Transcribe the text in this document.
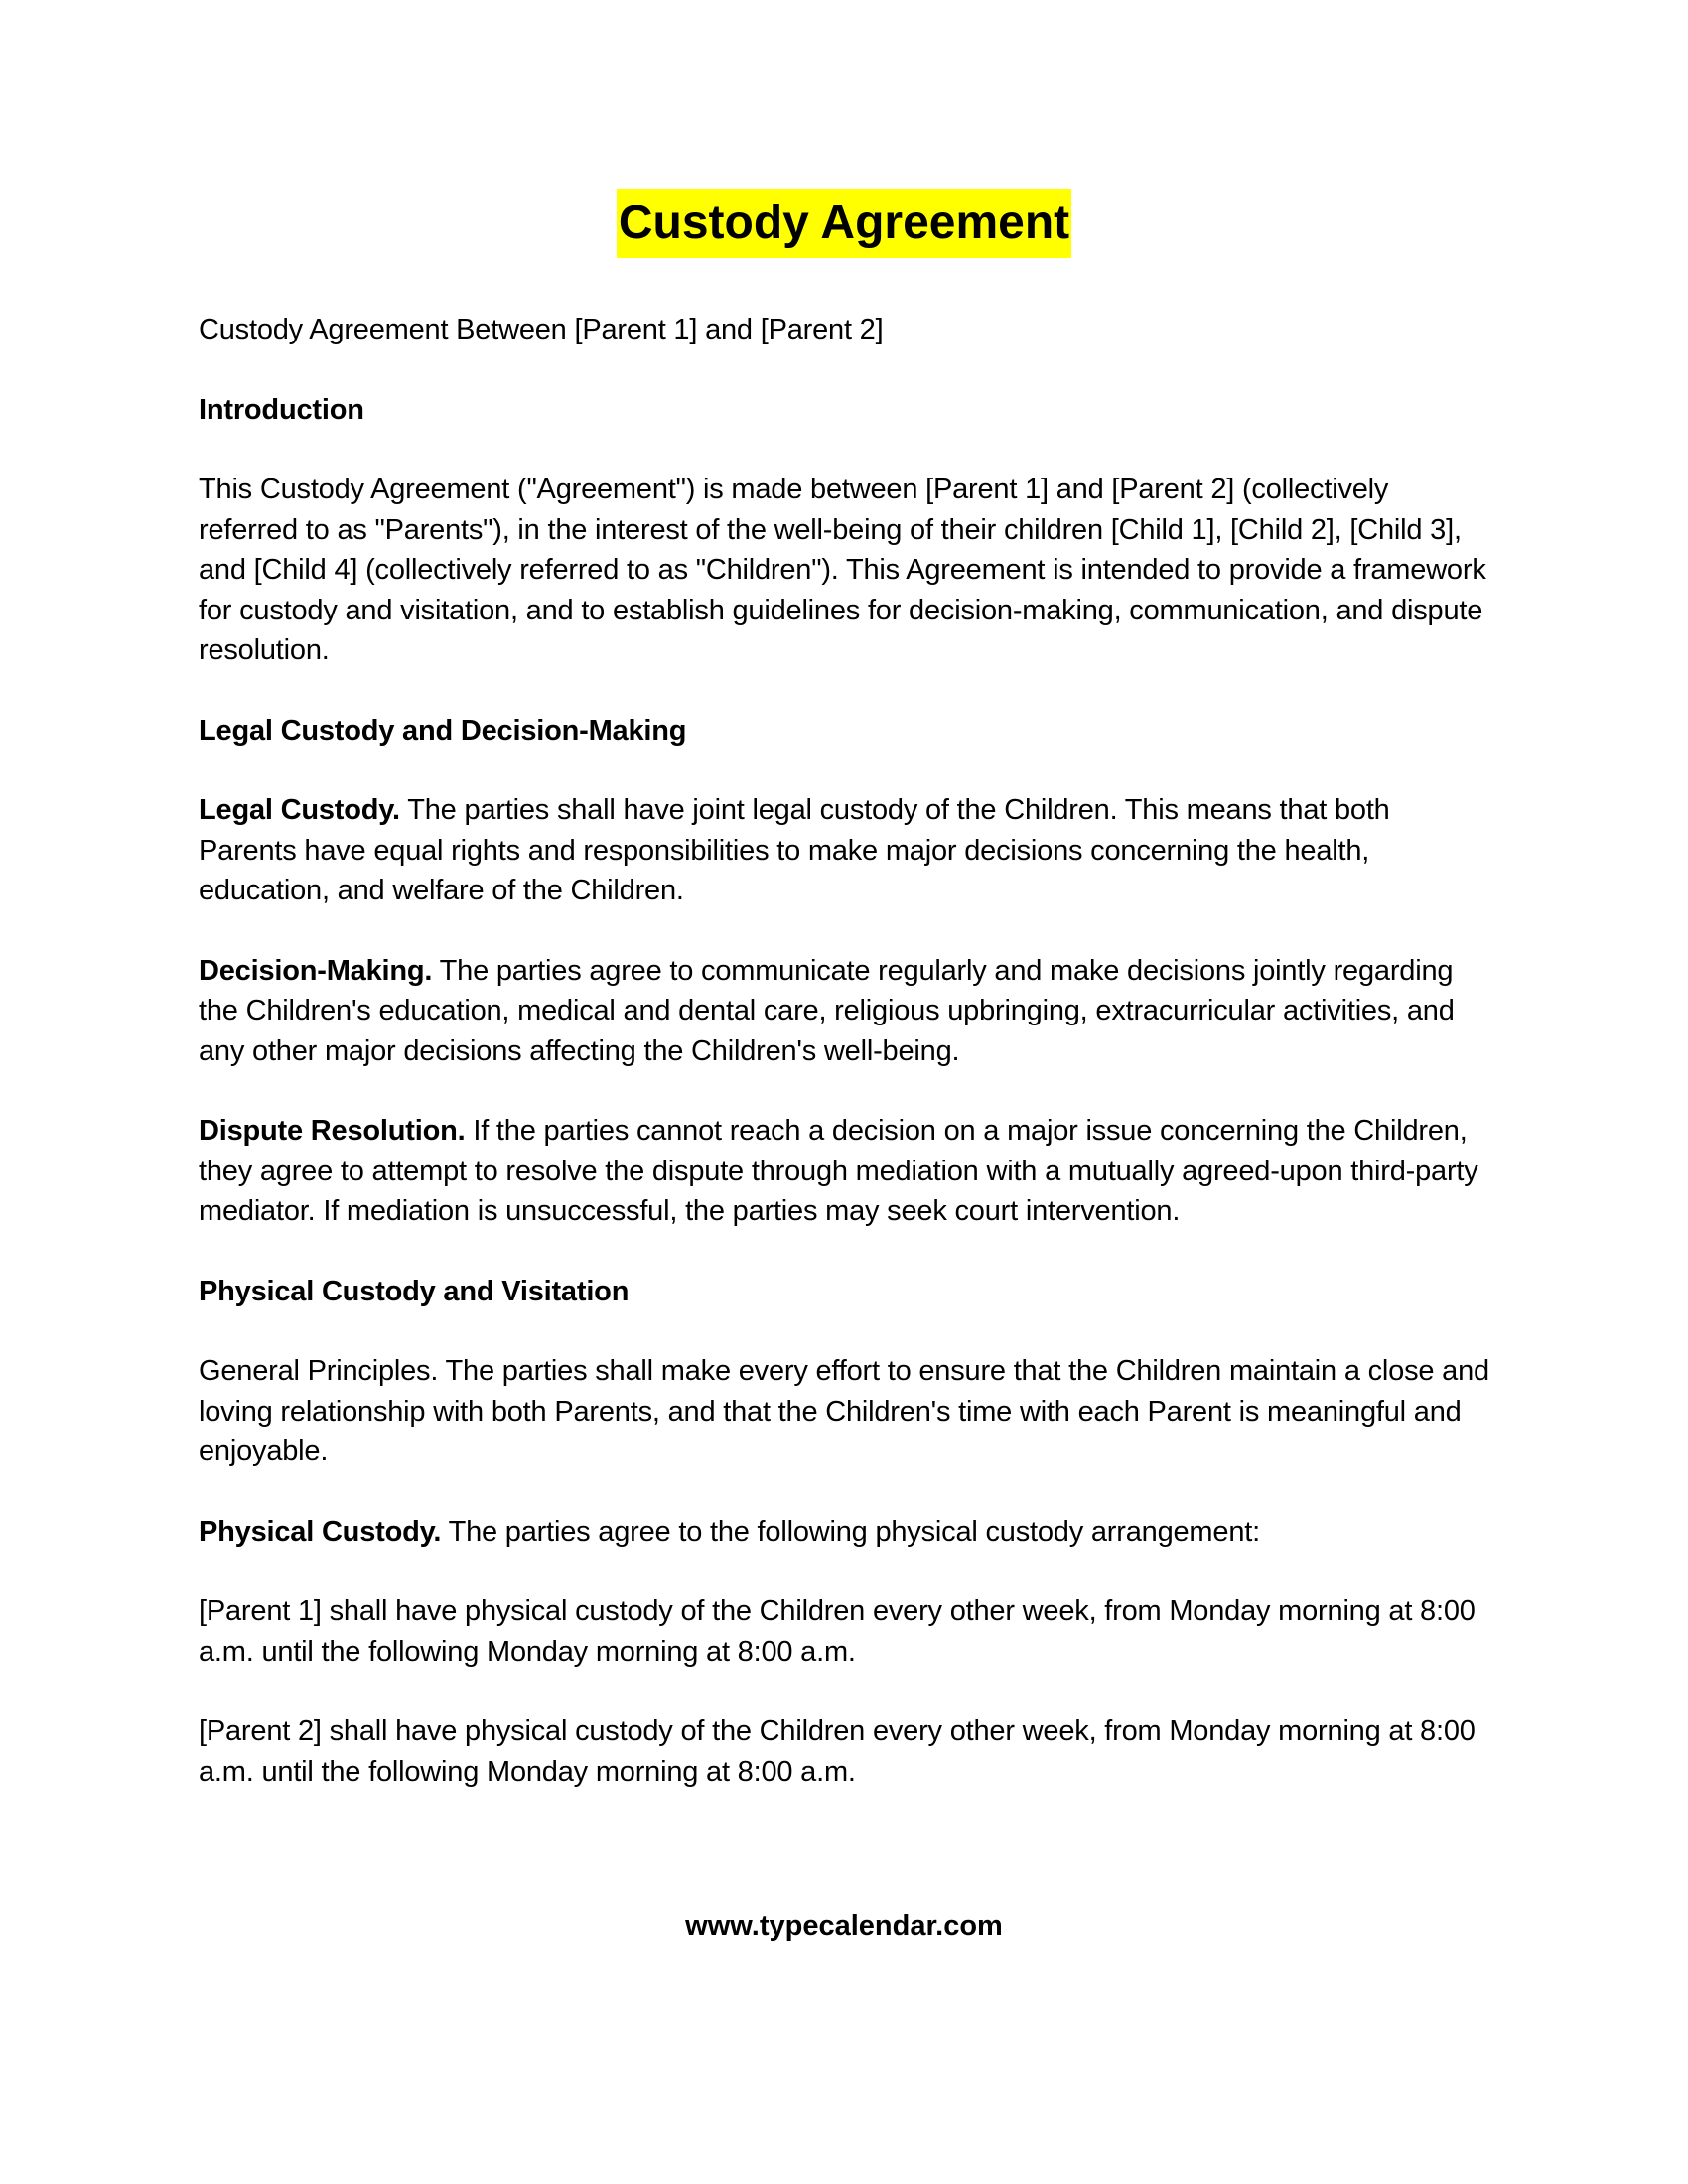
Custody Agreement

Custody Agreement Between [Parent 1] and [Parent 2]

Introduction

This Custody Agreement ("Agreement") is made between [Parent 1] and [Parent 2] (collectively referred to as "Parents"), in the interest of the well-being of their children [Child 1], [Child 2], [Child 3], and [Child 4] (collectively referred to as "Children"). This Agreement is intended to provide a framework for custody and visitation, and to establish guidelines for decision-making, communication, and dispute resolution.

Legal Custody and Decision-Making

Legal Custody. The parties shall have joint legal custody of the Children. This means that both Parents have equal rights and responsibilities to make major decisions concerning the health, education, and welfare of the Children.

Decision-Making. The parties agree to communicate regularly and make decisions jointly regarding the Children's education, medical and dental care, religious upbringing, extracurricular activities, and any other major decisions affecting the Children's well-being.

Dispute Resolution. If the parties cannot reach a decision on a major issue concerning the Children, they agree to attempt to resolve the dispute through mediation with a mutually agreed-upon third-party mediator. If mediation is unsuccessful, the parties may seek court intervention.

Physical Custody and Visitation

General Principles. The parties shall make every effort to ensure that the Children maintain a close and loving relationship with both Parents, and that the Children's time with each Parent is meaningful and enjoyable.

Physical Custody. The parties agree to the following physical custody arrangement:

[Parent 1] shall have physical custody of the Children every other week, from Monday morning at 8:00 a.m. until the following Monday morning at 8:00 a.m.

[Parent 2] shall have physical custody of the Children every other week, from Monday morning at 8:00 a.m. until the following Monday morning at 8:00 a.m.

www.typecalendar.com
